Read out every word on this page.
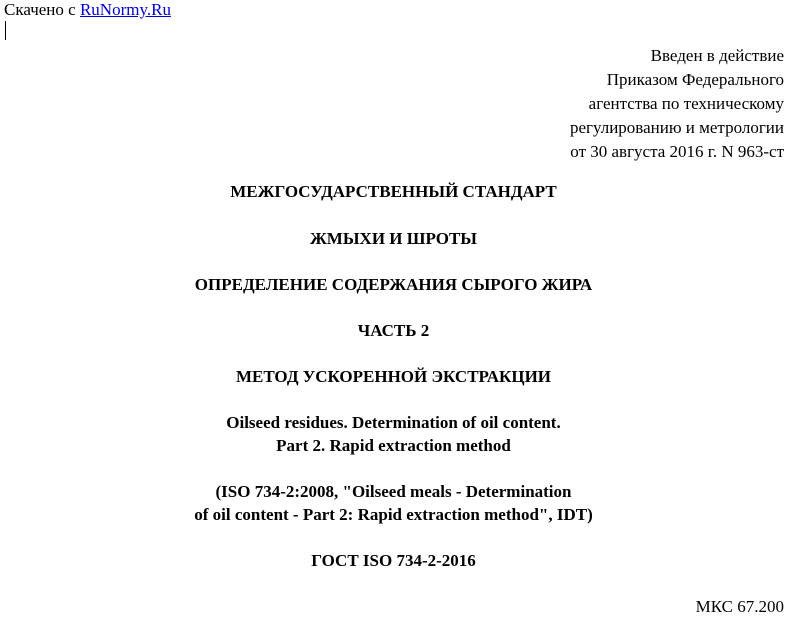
Скачено с RuNormy.Ru
Введен в действие
Приказом Федерального
агентства по техническому
регулированию и метрологии
от 30 августа 2016 г. N 963-ст
МЕЖГОСУДАРСТВЕННЫЙ СТАНДАРТ
ЖМЫХИ И ШРОТЫ
ОПРЕДЕЛЕНИЕ СОДЕРЖАНИЯ СЫРОГО ЖИРА
ЧАСТЬ 2
МЕТОД УСКОРЕННОЙ ЭКСТРАКЦИИ
Oilseed residues. Determination of oil content.
Part 2. Rapid extraction method
(ISO 734-2:2008, "Oilseed meals - Determination
of oil content - Part 2: Rapid extraction method", IDT)
ГОСТ ISO 734-2-2016
МКС 67.200
